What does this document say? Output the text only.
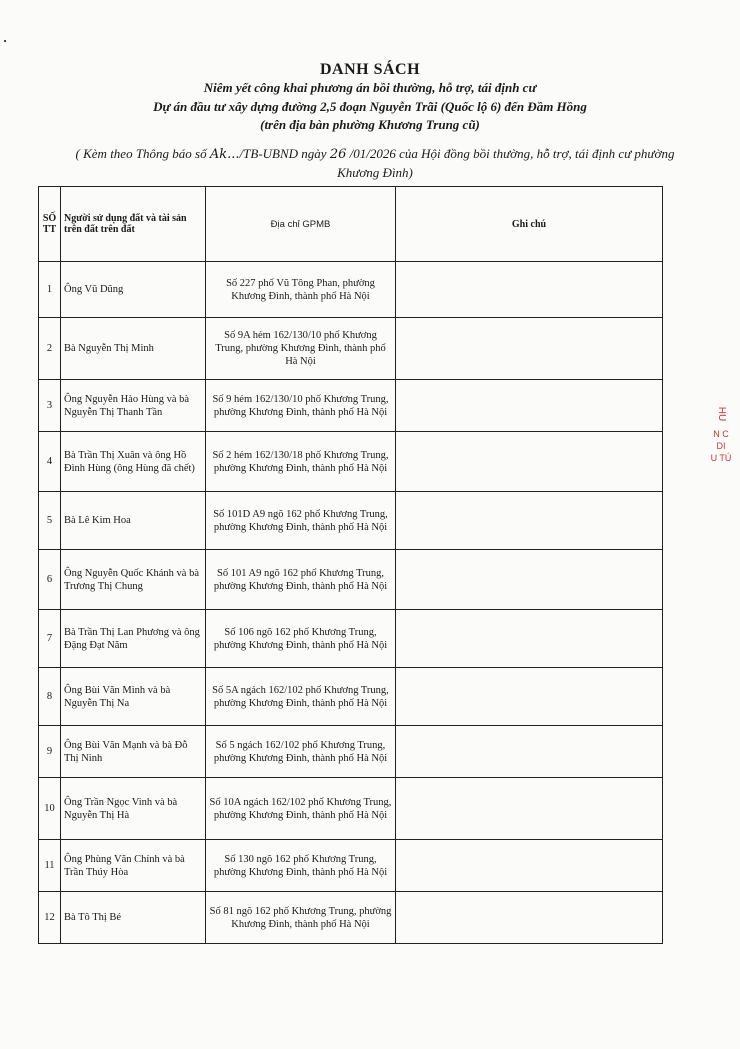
DANH SÁCH
Niêm yết công khai phương án bồi thường, hỗ trợ, tái định cư
Dự án đầu tư xây dựng đường 2,5 đoạn Nguyễn Trãi (Quốc lộ 6) đến Đầm Hồng
(trên địa bàn phường Khương Trung cũ)
( Kèm theo Thông báo số Ak.../TB-UBND ngày 26 /01/2026 của Hội đồng bồi thường, hỗ trợ, tái định cư phường Khương Đình)
SỐ TT	Người sử dụng đất và tài sản trên đất trên đất	Địa chỉ GPMB	Ghi chú
1	Ông Vũ Dũng	Số 227 phố Vũ Tông Phan, phường Khương Đình, thành phố Hà Nội	
2	Bà Nguyễn Thị Minh	Số 9A hẻm 162/130/10 phố Khương Trung, phường Khương Đình, thành phố Hà Nội	
3	Ông Nguyễn Hào Hùng và bà Nguyễn Thị Thanh Tần	Số 9 hẻm 162/130/10 phố Khương Trung, phường Khương Đình, thành phố Hà Nội	
4	Bà Trần Thị Xuân và ông Hồ Đình Hùng (ông Hùng đã chết)	Số 2 hẻm 162/130/18 phố Khương Trung, phường Khương Đình, thành phố Hà Nội	
5	Bà Lê Kim Hoa	Số 101D A9 ngõ 162 phố Khương Trung, phường Khương Đình, thành phố Hà Nội	
6	Ông Nguyễn Quốc Khánh và bà Trương Thị Chung	Số 101 A9 ngõ 162 phố Khương Trung, phường Khương Đình, thành phố Hà Nội	
7	Bà Trần Thị Lan Phương và ông Đặng Đạt Năm	Số 106 ngõ 162 phố Khương Trung, phường Khương Đình, thành phố Hà Nội	
8	Ông Bùi Văn Minh và bà Nguyễn Thị Na	Số 5A ngách 162/102 phố Khương Trung, phường Khương Đình, thành phố Hà Nội	
9	Ông Bùi Văn Mạnh và bà Đỗ Thị Ninh	Số 5 ngách 162/102 phố Khương Trung, phường Khương Đình, thành phố Hà Nội	
10	Ông Trần Ngọc Vinh và bà Nguyễn Thị Hà	Số 10A ngách 162/102 phố Khương Trung, phường Khương Đình, thành phố Hà Nội	
11	Ông Phùng Văn Chính và bà Trần Thúy Hòa	Số 130 ngõ 162 phố Khương Trung, phường Khương Đình, thành phố Hà Nội	
12	Bà Tô Thị Bé	Số 81 ngõ 162 phố Khương Trung, phường Khương Đình, thành phố Hà Nội	
HU
N C
DI
U TÚ
